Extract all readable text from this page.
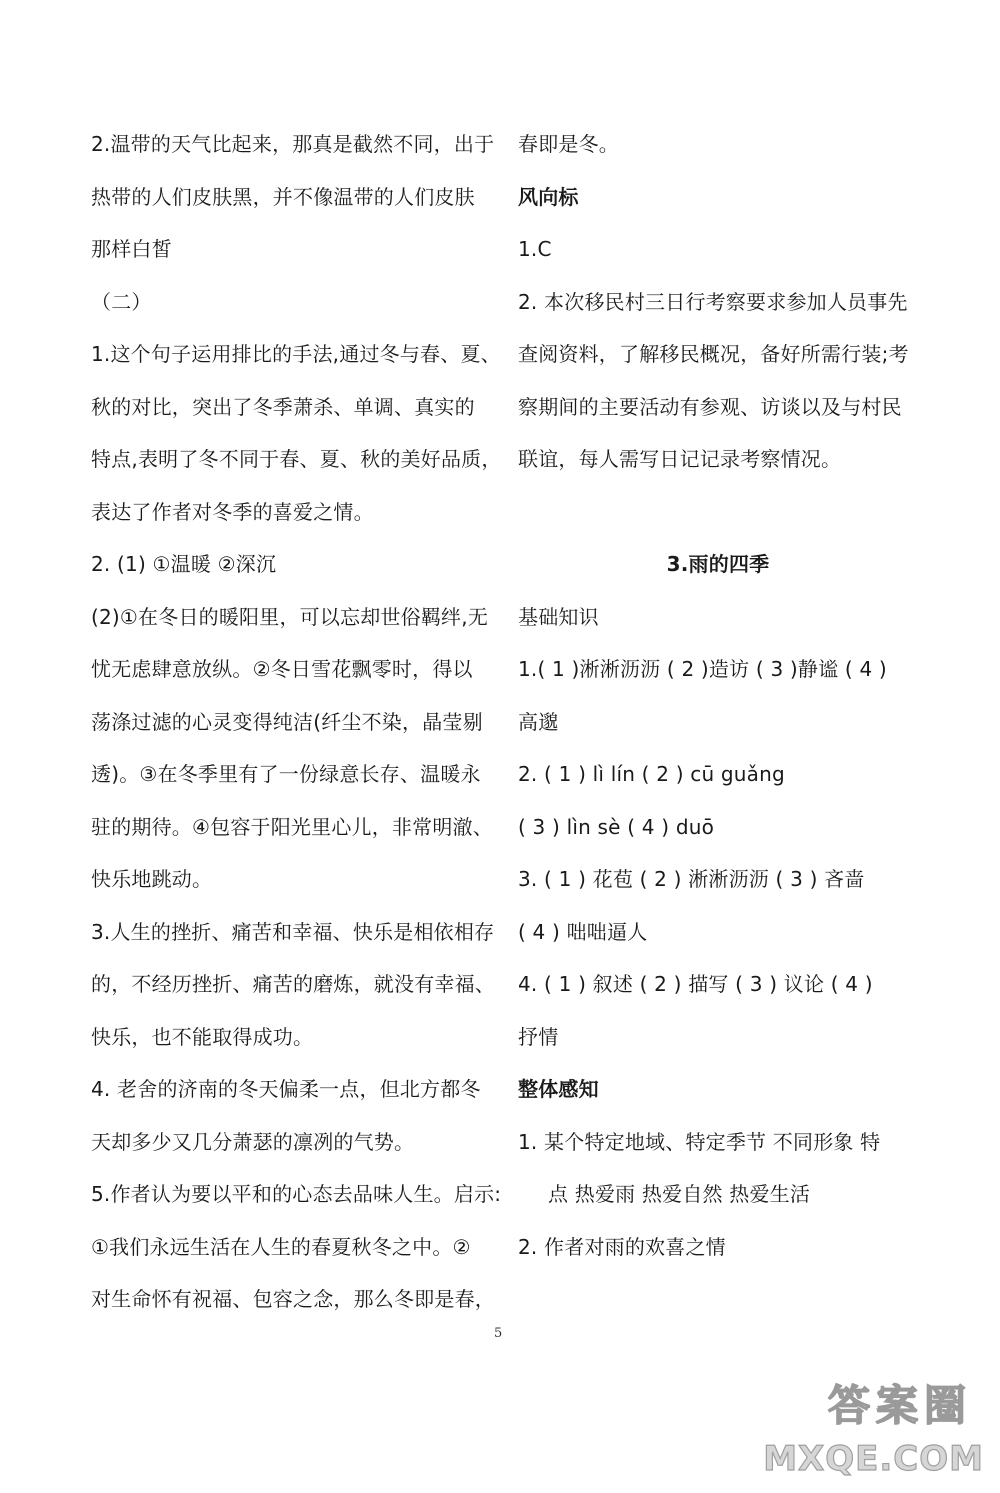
2.温带的天气比起来，那真是截然不同，出于
热带的人们皮肤黑，并不像温带的人们皮肤
那样白皙
（二）
1.这个句子运用排比的手法,通过冬与春、夏、
秋的对比，突出了冬季萧杀、单调、真实的
特点,表明了冬不同于春、夏、秋的美好品质，
表达了作者对冬季的喜爱之情。
2. (1) ①温暖 ②深沉
(2)①在冬日的暖阳里，可以忘却世俗羁绊,无
忧无虑肆意放纵。②冬日雪花飘零时，得以
荡涤过滤的心灵变得纯洁(纤尘不染，晶莹剔
透)。③在冬季里有了一份绿意长存、温暖永
驻的期待。④包容于阳光里心儿，非常明澈、
快乐地跳动。
3.人生的挫折、痛苦和幸福、快乐是相依相存
的，不经历挫折、痛苦的磨炼，就没有幸福、
快乐，也不能取得成功。
4. 老舍的济南的冬天偏柔一点，但北方都冬
天却多少又几分萧瑟的凛冽的气势。
5.作者认为要以平和的心态去品味人生。启示:
①我们永远生活在人生的春夏秋冬之中。②
对生命怀有祝福、包容之念，那么冬即是春，
春即是冬。
风向标
1.C
2. 本次移民村三日行考察要求参加人员事先
查阅资料，了解移民概况，备好所需行装;考
察期间的主要活动有参观、访谈以及与村民
联谊，每人需写日记记录考察情况。
3.雨的四季
基础知识
1.( 1 )淅淅沥沥 ( 2 )造访 ( 3 )静谧 ( 4 )
高邈
2. ( 1 ) lì lín ( 2 ) cū guǎng
( 3 ) lìn sè ( 4 ) duō
3. ( 1 ) 花苞 ( 2 ) 淅淅沥沥 ( 3 ) 吝啬
( 4 ) 咄咄逼人
4. ( 1 ) 叙述 ( 2 ) 描写 ( 3 ) 议论 ( 4 )
抒情
整体感知
1. 某个特定地域、特定季节 不同形象 特
点 热爱雨 热爱自然 热爱生活
2. 作者对雨的欢喜之情
5
答案圈
MXQE.COM
